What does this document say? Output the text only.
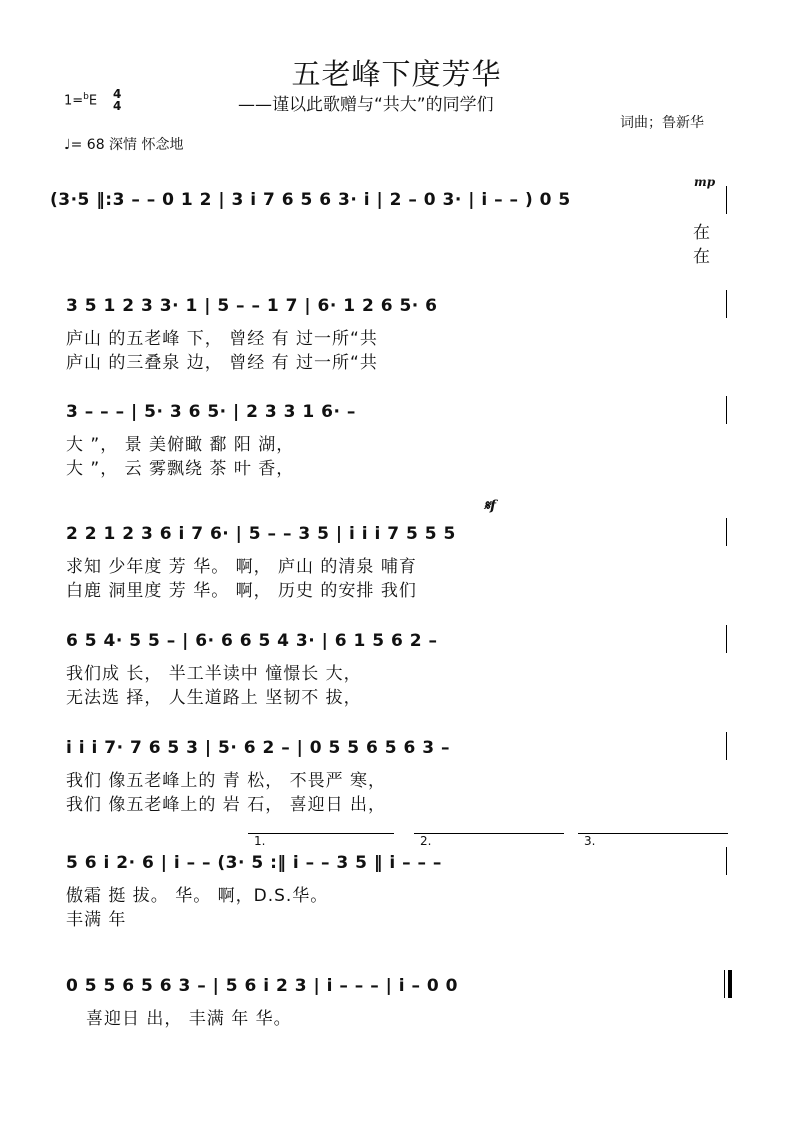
五老峰下度芳华
——谨以此歌赠与“共大”的同学们
词曲；鲁新华
1=$^b$E 4
4
♩= 68 深情 怀念地
(3·5 ‖:3 – – 0 1 2 | 3 i 7 6 5 6 3· i | 2 – 0 3· | i – – ) 0 5
mp
在
在
3 5 1 2 3 3· 1 | 5 – – 1 7 | 6· 1 2 6 5· 6
庐山 的五老峰 下， 曾经 有 过一所“共
庐山 的三叠泉 边， 曾经 有 过一所“共
3 – – – | 5· 3 6 5· | 2 3 3 1 6· –
大 ”， 景 美俯瞰 鄱 阳 湖，
大 ”， 云 雾飘绕 茶 叶 香，
𝄋f
2 2 1 2 3 6 i 7 6· | 5 – – 3 5 | i i i 7 5 5 5
求知 少年度 芳 华。 啊， 庐山 的清泉 哺育
白鹿 洞里度 芳 华。 啊， 历史 的安排 我们
6 5 4· 5 5 – | 6· 6 6 5 4 3· | 6 1 5 6 2 –
我们成 长， 半工半读中 憧憬长 大，
无法选 择， 人生道路上 坚韧不 拔，
i i i 7· 7 6 5 3 | 5· 6 2 – | 0 5 5 6 5 6 3 –
我们 像五老峰上的 青 松， 不畏严 寒，
我们 像五老峰上的 岩 石， 喜迎日 出，
1.	2.	3.
5 6 i 2· 6 | i – – (3· 5 :‖ i – – 3 5 ‖ i – – –
傲霜 挺 拔。 华。 啊，D.S.华。
丰满 年
0 5 5 6 5 6 3 – | 5 6 i 2 3 | i – – – | i – 0 0
喜迎日 出， 丰满 年 华。
